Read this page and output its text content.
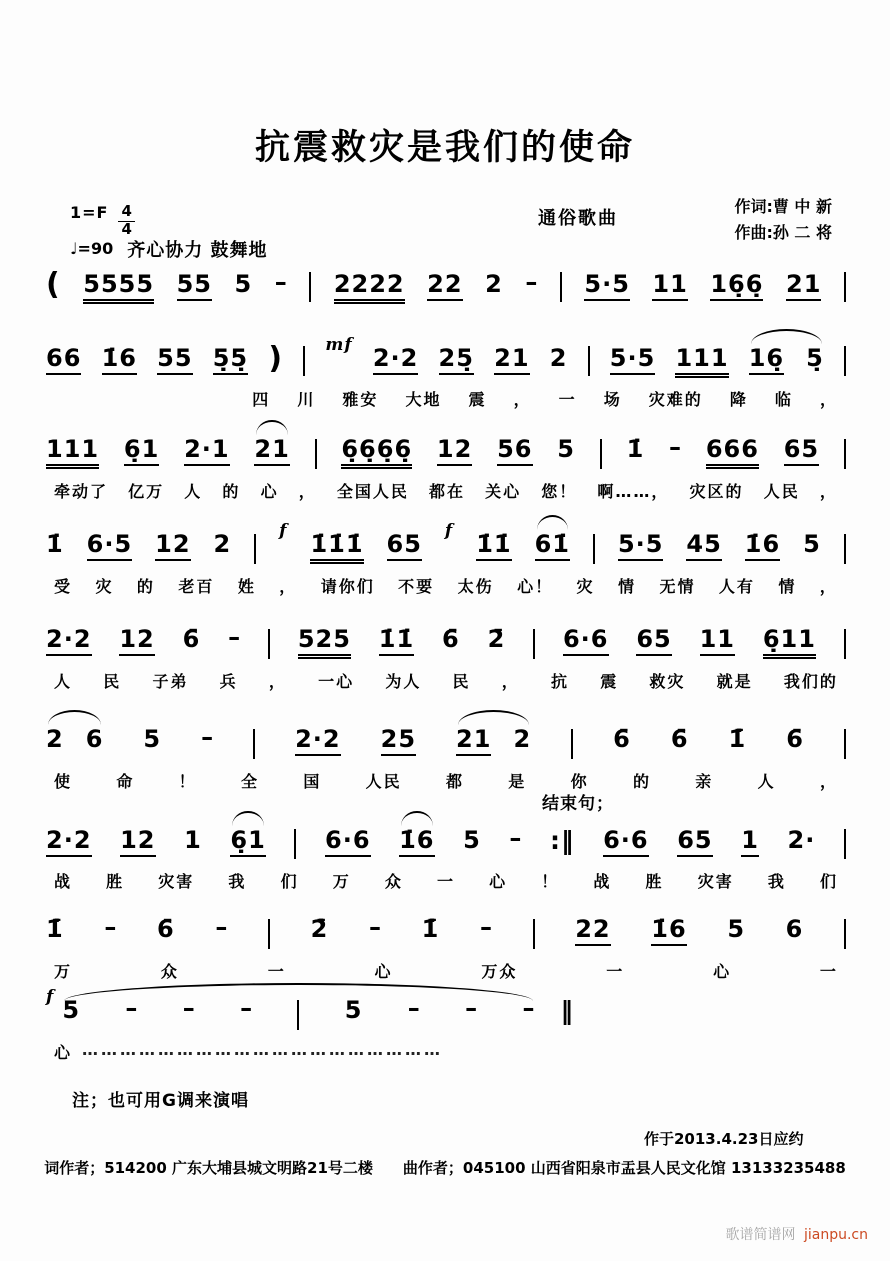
抗震救灾是我们的使命
1=F 4
4
♩=90 齐心协力 鼓舞地
通俗歌曲
作词:曹 中 新
作曲:孙 二 将
( 5555 55 5 – 2222 22 2 – 5·5 11 16̣6̣ 21
66 1̇6 55 5̣5̣ ) mf 2·2 25̣ 21 2 5·5 111 16̣ 5̣
四 川 雅安 大地 震 ， 一 场 灾难的 降 临 ，
111 6̣1 2·1 21 6̣6̣6̣6̣ 12 56 5 1̇ – 666 65
牵动了 亿万 人 的 心 ， 全国人民 都在 关心 您！ 啊……， 灾区的 人民 ，
1̇ 6·5 12 2	f 1̇1̇1̇ 65 f 1̇1̇ 61̇ 5·5 45 1̇6 5
受 灾 的 老百 姓 ， 请你们 不要 太伤 心！ 灾 情 无情 人有 情 ，
2·2 12 6̄ – 525 1̇1̇ 6̄ 2̄ 6·6 65 11 6̣11
人 民 子弟 兵 ， 一心 为人 民 ， 抗 震 救灾 就是 我们的
2 6 5 –	2·2 25 21 2	6̄ 6̄ 1̇̄ 6̄
使	命	！	全	国	人民	都	是	你	的	亲	人	，
2·2 12 1 6̣1 6·6 1̇6 5 – :‖
结束句；
6·6 65 1 2·
战 胜 灾害 我 们 万 众 一 心 ！ 战 胜 灾害 我 们
1̇̄ – 6̄ –	2̇̄ – 1̇̄ –	22 1̇6 5 6
万	众	一	心	万众	一	心	一
f 5 – – –	5 – – – ‖
心 …………………………………………………
注；也可用G调来演唱
作于2013.4.23日应约
词作者；514200 广东大埔县城文明路21号二楼　　曲作者；045100 山西省阳泉市盂县人民文化馆 13133235488
歌谱简谱网 jianpu.cn
